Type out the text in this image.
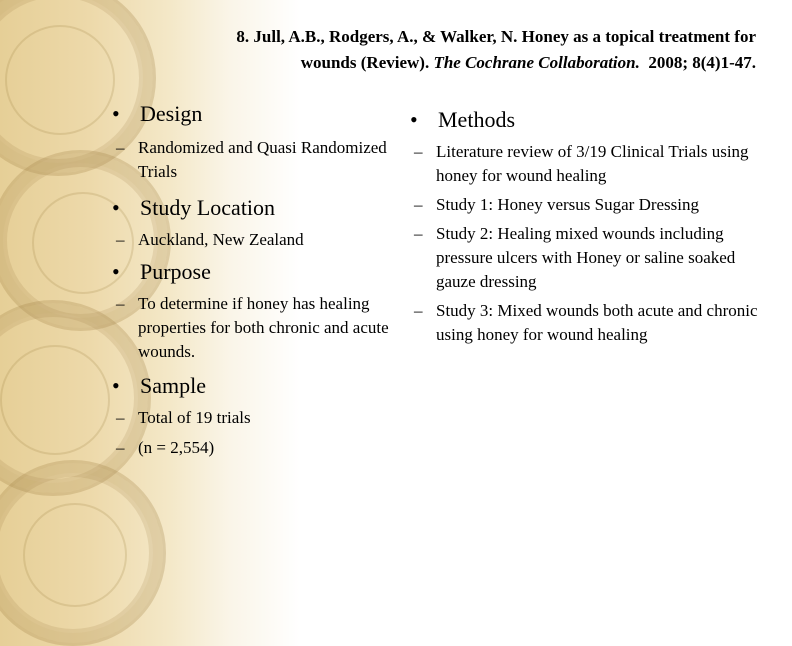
8. Jull, A.B., Rodgers, A., & Walker, N. Honey as a topical treatment for
wounds (Review). The Cochrane Collaboration. 2008; 8(4)1-47.

• Design

– Randomized and Quasi Randomized Trials

• Study Location

– Auckland, New Zealand

• Purpose

– To determine if honey has healing properties for both chronic and acute wounds.

• Sample

– Total of 19 trials
– (n = 2,554)

• Methods

– Literature review of 3/19 Clinical Trials using honey for wound healing
– Study 1: Honey versus Sugar Dressing
– Study 2: Healing mixed wounds including pressure ulcers with Honey or saline soaked gauze dressing
– Study 3: Mixed wounds both acute and chronic using honey for wound healing
